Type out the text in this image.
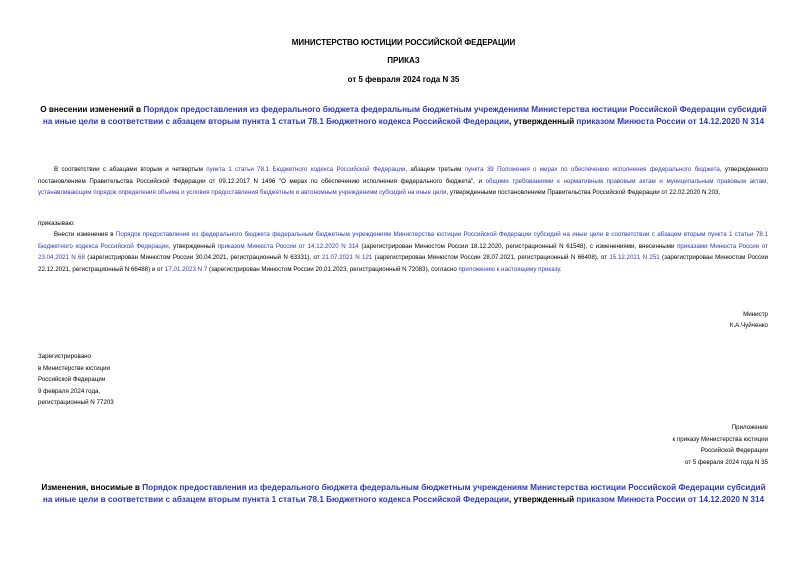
МИНИСТЕРСТВО ЮСТИЦИИ РОССИЙСКОЙ ФЕДЕРАЦИИ
ПРИКАЗ
от 5 февраля 2024 года N 35
О внесении изменений в Порядок предоставления из федерального бюджета федеральным бюджетным учреждениям Министерства юстиции Российской Федерации субсидий на иные цели в соответствии с абзацем вторым пункта 1 статьи 78.1 Бюджетного кодекса Российской Федерации, утвержденный приказом Минюста России от 14.12.2020 N 314
В соответствии с абзацами вторым и четвертым пункта 1 статьи 78.1 Бюджетного кодекса Российской Федерации, абзацем третьим пункта 39 Положения о мерах по обеспечению исполнения федерального бюджета, утвержденного постановлением Правительства Российской Федерации от 09.12.2017 N 1496 "О мерах по обеспечению исполнения федерального бюджета", и общими требованиями к нормативным правовым актам и муниципальным правовым актам, устанавливающим порядок определения объема и условия предоставления бюджетным и автономным учреждениям субсидий на иные цели, утвержденными постановлением Правительства Российской Федерации от 22.02.2020 N 203,
приказываю:
Внести изменения в Порядок предоставления из федерального бюджета федеральным бюджетным учреждениям Министерства юстиции Российской Федерации субсидий на иные цели в соответствии с абзацем вторым пункта 1 статьи 78.1 Бюджетного кодекса Российской Федерации, утвержденный приказом Минюста России от 14.12.2020 N 314 (зарегистрирован Минюстом России 18.12.2020, регистрационный N 61548), с изменениями, внесенными приказами Минюста России от 23.04.2021 N 68 (зарегистрирован Минюстом России 30.04.2021, регистрационный N 63331), от 21.07.2021 N 121 (зарегистрирован Минюстом России 28.07.2021, регистрационный N 66408), от 15.12.2021 N 251 (зарегистрирован Минюстом России 22.12.2021, регистрационный N 66488) и от 17.01.2023 N 7 (зарегистрирован Минюстом России 20.01.2023, регистрационный N 72083), согласно приложению к настоящему приказу.
Министр
К.А.Чуйченко
Зарегистрировано
в Министерстве юстиции
Российской Федерации
9 февраля 2024 года,
регистрационный N 77203
Приложение
к приказу Министерства юстиции
Российской Федерации
от 5 февраля 2024 года N 35
Изменения, вносимые в Порядок предоставления из федерального бюджета федеральным бюджетным учреждениям Министерства юстиции Российской Федерации субсидий на иные цели в соответствии с абзацем вторым пункта 1 статьи 78.1 Бюджетного кодекса Российской Федерации, утвержденный приказом Минюста России от 14.12.2020 N 314
